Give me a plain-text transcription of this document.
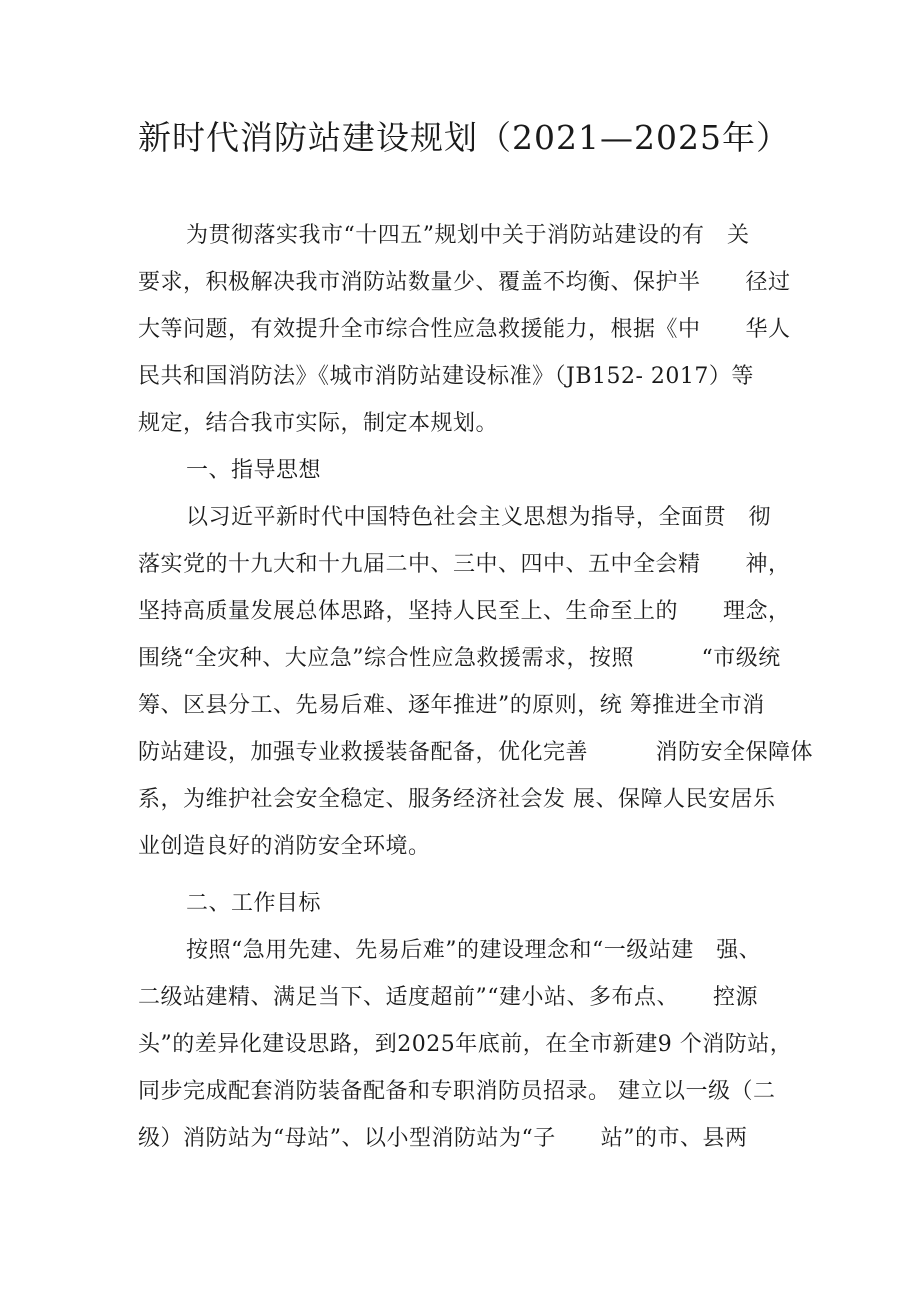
新时代消防站建设规划（2021—2025年）
为贯彻落实我市“十四五”规划中关于消防站建设的有　关
要求，积极解决我市消防站数量少、覆盖不均衡、保护半　　径过
大等问题，有效提升全市综合性应急救援能力，根据《中　　华人
民共和国消防法》《城市消防站建设标准》（JB152- 2017）等
规定，结合我市实际，制定本规划。
一、指导思想
以习近平新时代中国特色社会主义思想为指导，全面贯　彻
落实党的十九大和十九届二中、三中、四中、五中全会精　　神，
坚持高质量发展总体思路，坚持人民至上、生命至上的　　理念，
围绕“全灾种、大应急”综合性应急救援需求，按照　　　“市级统
筹、区县分工、先易后难、逐年推进”的原则，统 筹推进全市消
防站建设，加强专业救援装备配备，优化完善　　　消防安全保障体
系，为维护社会安全稳定、服务经济社会发 展、保障人民安居乐
业创造良好的消防安全环境。
二、工作目标
按照“急用先建、先易后难”的建设理念和“一级站建　强、
二级站建精、满足当下、适度超前”“建小站、多布点、　　控源
头”的差异化建设思路，到2025年底前，在全市新建9 个消防站，
同步完成配套消防装备配备和专职消防员招录。 建立以一级（二
级）消防站为“母站”、以小型消防站为“子　　站”的市、县两
